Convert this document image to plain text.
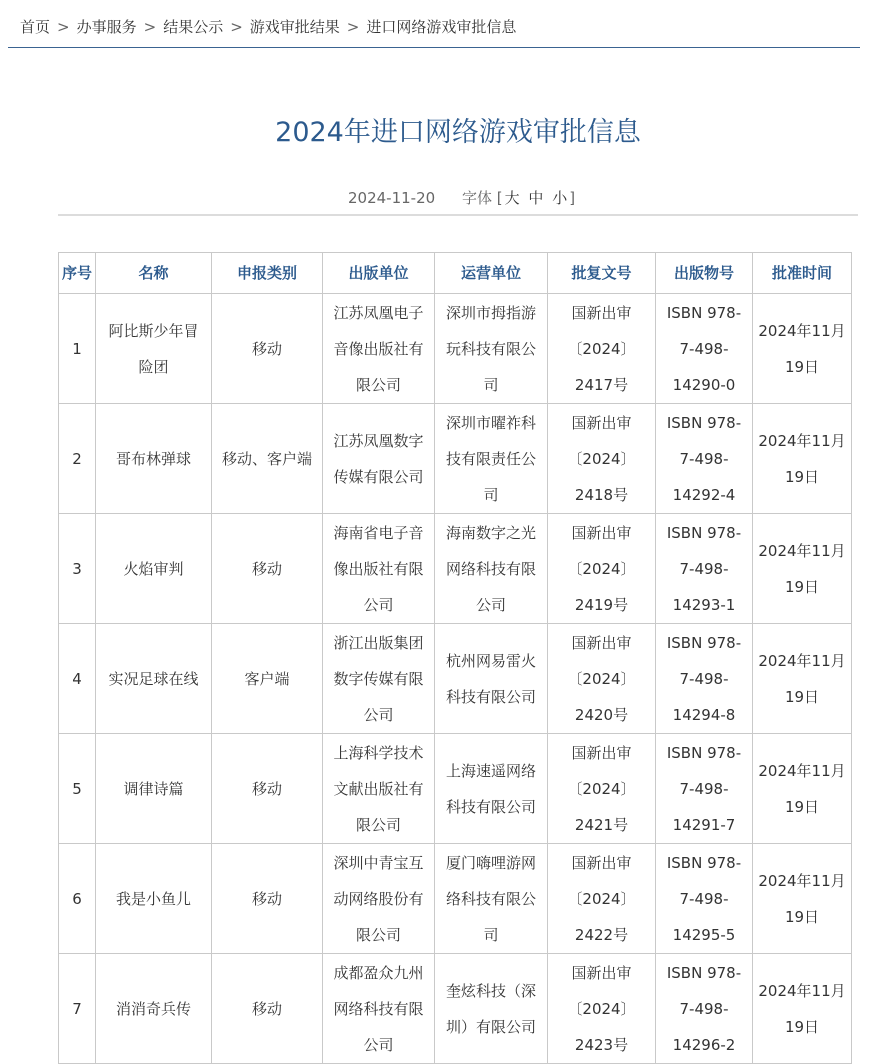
首页 > 办事服务 > 结果公示 > 游戏审批结果 > 进口网络游戏审批信息
2024年进口网络游戏审批信息
2024-11-20 字体 [ 大 中 小 ]
序号	名称	申报类别	出版单位	运营单位	批复文号	出版物号	批准时间

1	阿比斯少年冒
险团	移动	江苏凤凰电子
音像出版社有
限公司	深圳市拇指游
玩科技有限公
司	国新出审
〔2024〕
2417号	ISBN 978-
7-498-
14290-0	2024年11月
19日

2	哥布林弹球	移动、客户端	江苏凤凰数字
传媒有限公司	深圳市曜祚科
技有限责任公
司	国新出审
〔2024〕
2418号	ISBN 978-
7-498-
14292-4	2024年11月
19日

3	火焰审判	移动	海南省电子音
像出版社有限
公司	海南数字之光
网络科技有限
公司	国新出审
〔2024〕
2419号	ISBN 978-
7-498-
14293-1	2024年11月
19日

4	实况足球在线	客户端	浙江出版集团
数字传媒有限
公司	杭州网易雷火
科技有限公司	国新出审
〔2024〕
2420号	ISBN 978-
7-498-
14294-8	2024年11月
19日

5	调律诗篇	移动	上海科学技术
文献出版社有
限公司	上海速遥网络
科技有限公司	国新出审
〔2024〕
2421号	ISBN 978-
7-498-
14291-7	2024年11月
19日

6	我是小鱼儿	移动	深圳中青宝互
动网络股份有
限公司	厦门嗨哩游网
络科技有限公
司	国新出审
〔2024〕
2422号	ISBN 978-
7-498-
14295-5	2024年11月
19日

7	消消奇兵传	移动	成都盈众九州
网络科技有限
公司	奎炫科技（深
圳）有限公司	国新出审
〔2024〕
2423号	ISBN 978-
7-498-
14296-2	2024年11月
19日
